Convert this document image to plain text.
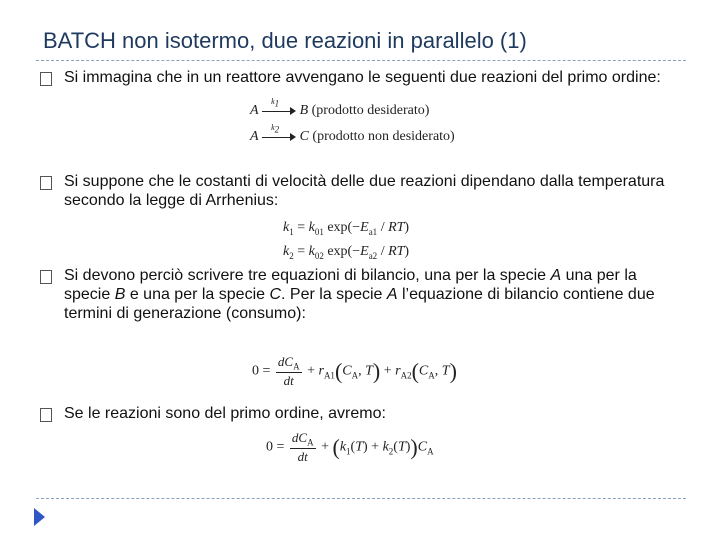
BATCH non isotermo, due reazioni in parallelo (1)
Si immagina che in un reattore avvengano le seguenti due reazioni del primo ordine:
A
$k_1$ B (prodotto desiderato)
A
$k_2$ C (prodotto non desiderato)
Si suppone che le costanti di velocità delle due reazioni dipendano dalla temperatura secondo la legge di Arrhenius:
$k_1 = k_{01}$ $\exp(-E_{a1} / RT)$
$k_2 = k_{02}$ $\exp(-E_{a2} / RT)$
Si devono perciò scrivere tre equazioni di bilancio, una per la specie A una per la specie B e una per la specie C. Per la specie A l’equazione di bilancio contiene due termini di generazione (consumo):
$0 = \frac{dC_A}{dt} + r_{A1}(C_A$, $T) + r_{A2}(C_A$, T)
Se le reazioni sono del primo ordine, avremo:
$0 = \frac{dC_A}{dt} + (k_1(T) + k_2(T))C_A$
